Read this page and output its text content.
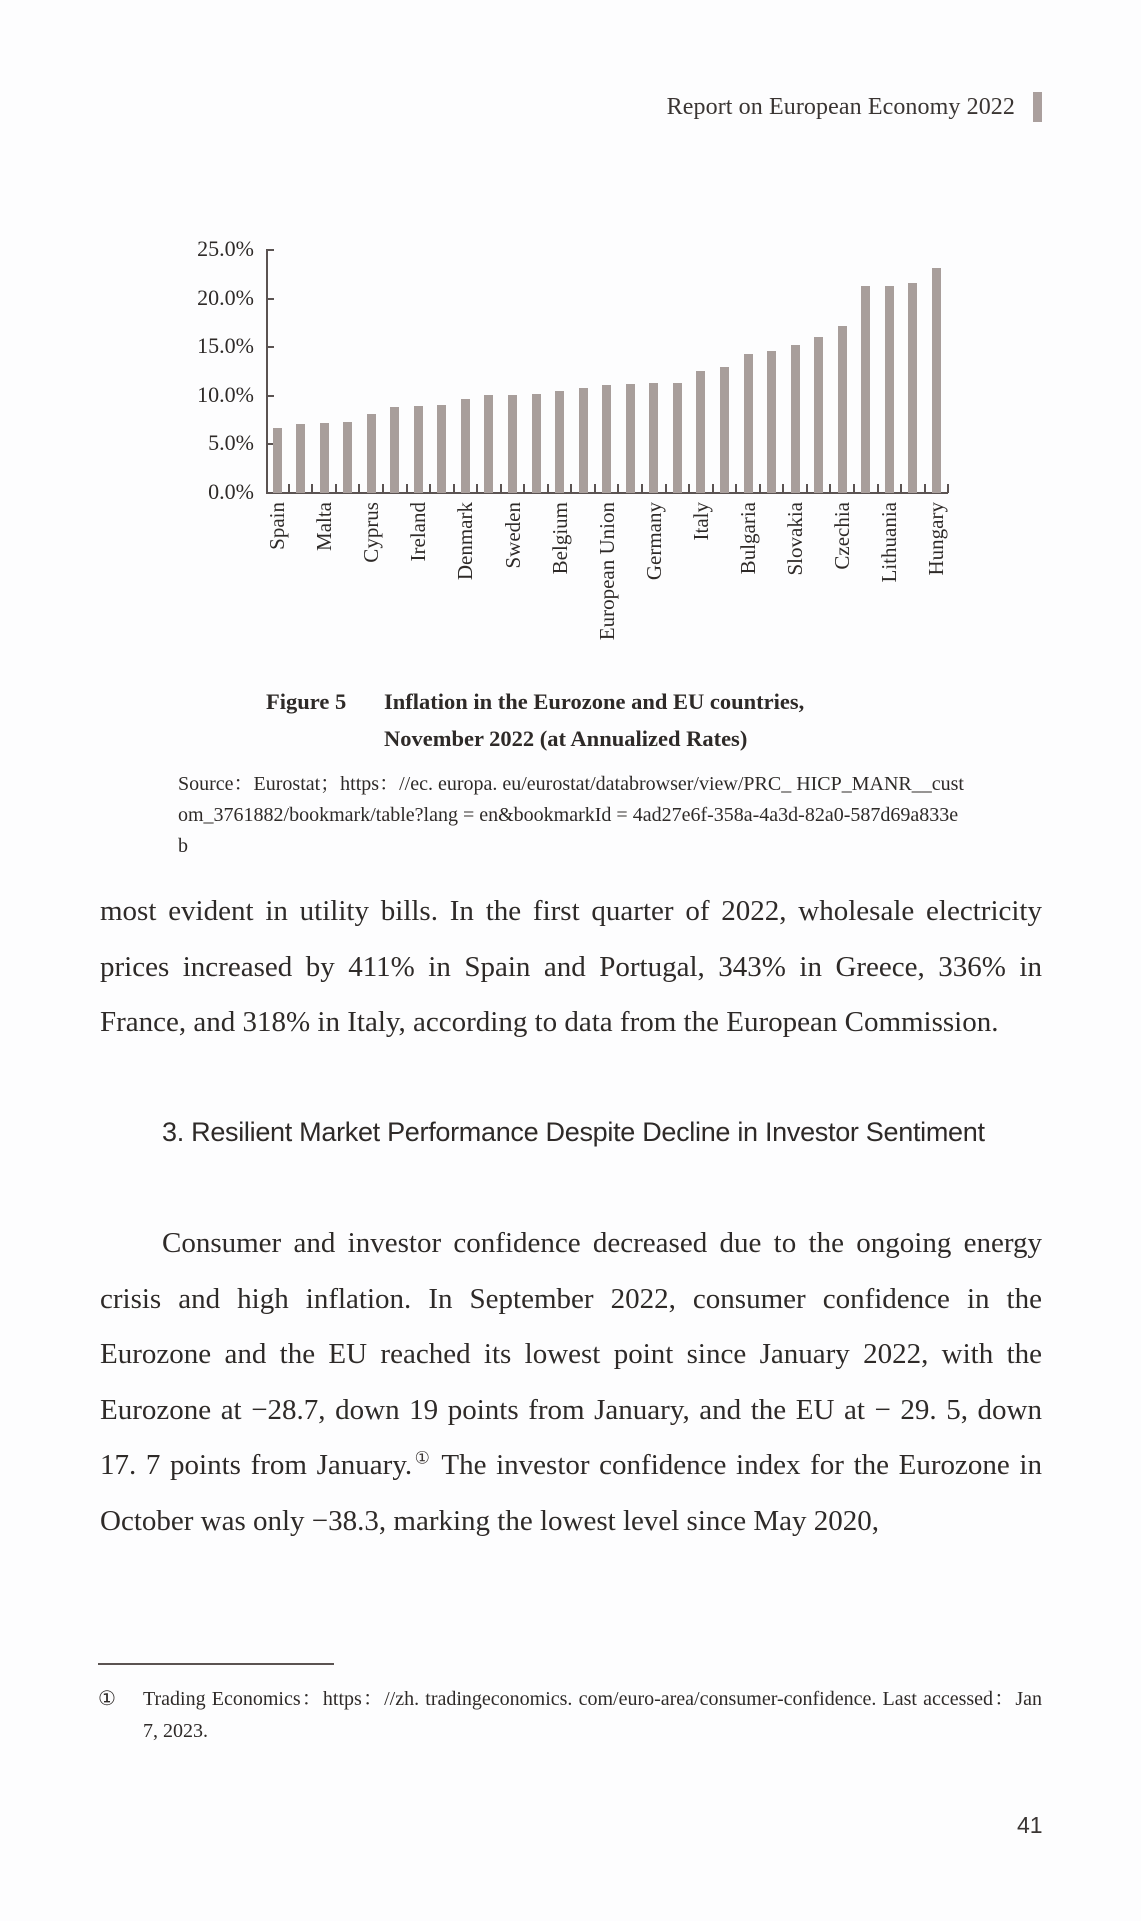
Report on European Economy 2022
0.0%
5.0%
10.0%
15.0%
20.0%
25.0%
Spain Malta Cyprus Ireland Denmark Sweden Belgium European Union Germany Italy Bulgaria Slovakia Czechia Lithuania Hungary
Figure 5 Inflation in the Eurozone and EU countries,
November 2022 (at Annualized Rates)
Source：Eurostat；https：//ec. europa. eu/eurostat/databrowser/view/PRC_ HICP_MANR__custom_3761882/bookmark/table?lang = en&bookmarkId = 4ad27e6f-358a-4a3d-82a0-587d69a833eb

most evident in utility bills. In the first quarter of 2022, wholesale electricity prices increased by 411% in Spain and Portugal, 343% in Greece, 336% in France, and 318% in Italy, according to data from the European Commission.

3. Resilient Market Performance Despite Decline in Investor Sentiment

Consumer and investor confidence decreased due to the ongoing energy crisis and high inflation. In September 2022, consumer confidence in the Eurozone and the EU reached its lowest point since January 2022, with the Eurozone at −28.7, down 19 points from January, and the EU at − 29. 5, down 17. 7 points from January.① The investor confidence index for the Eurozone in October was only −38.3, marking the lowest level since May 2020,

① Trading Economics：https：//zh. tradingeconomics. com/euro-area/consumer-confidence. Last accessed：Jan 7, 2023.
41
